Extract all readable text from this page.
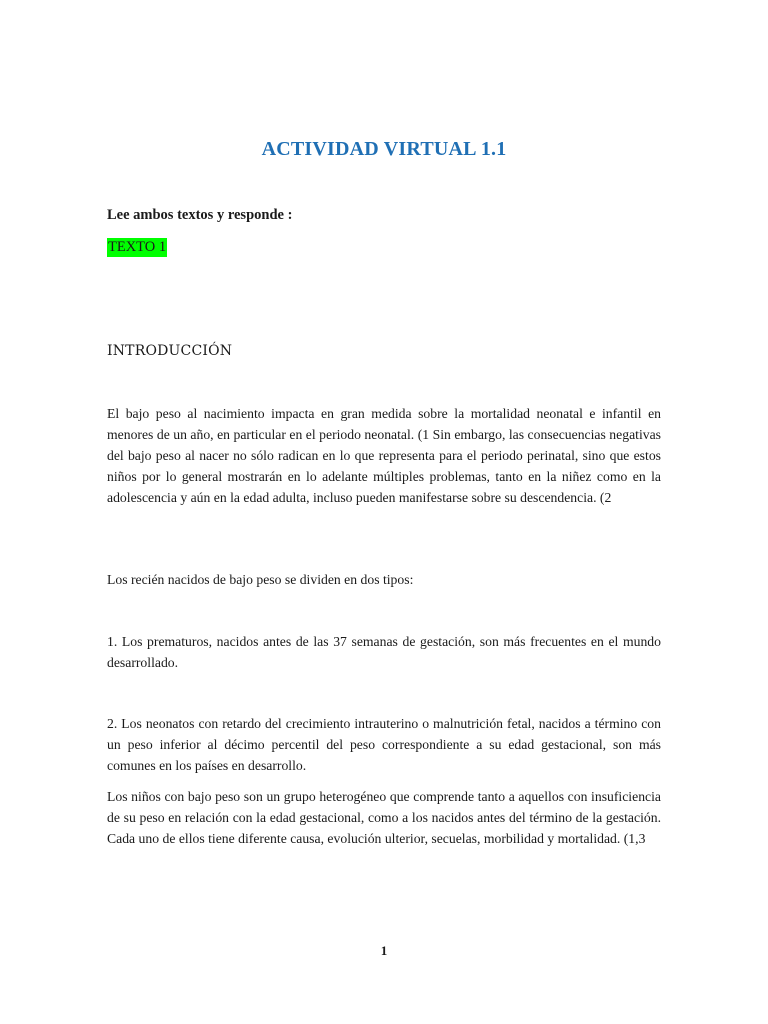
ACTIVIDAD VIRTUAL 1.1
Lee ambos textos y responde :
TEXTO 1
INTRODUCCIÓN

El bajo peso al nacimiento impacta en gran medida sobre la mortalidad neonatal e infantil en menores de un año, en particular en el periodo neonatal. (1 Sin embargo, las consecuencias negativas del bajo peso al nacer no sólo radican en lo que representa para el periodo perinatal, sino que estos niños por lo general mostrarán en lo adelante múltiples problemas, tanto en la niñez como en la adolescencia y aún en la edad adulta, incluso pueden manifestarse sobre su descendencia. (2

Los recién nacidos de bajo peso se dividen en dos tipos:

1. Los prematuros, nacidos antes de las 37 semanas de gestación, son más frecuentes en el mundo desarrollado.

2. Los neonatos con retardo del crecimiento intrauterino o malnutrición fetal, nacidos a término con un peso inferior al décimo percentil del peso correspondiente a su edad gestacional, son más comunes en los países en desarrollo.

Los niños con bajo peso son un grupo heterogéneo que comprende tanto a aquellos con insuficiencia de su peso en relación con la edad gestacional, como a los nacidos antes del término de la gestación. Cada uno de ellos tiene diferente causa, evolución ulterior, secuelas, morbilidad y mortalidad. (1,3

1
